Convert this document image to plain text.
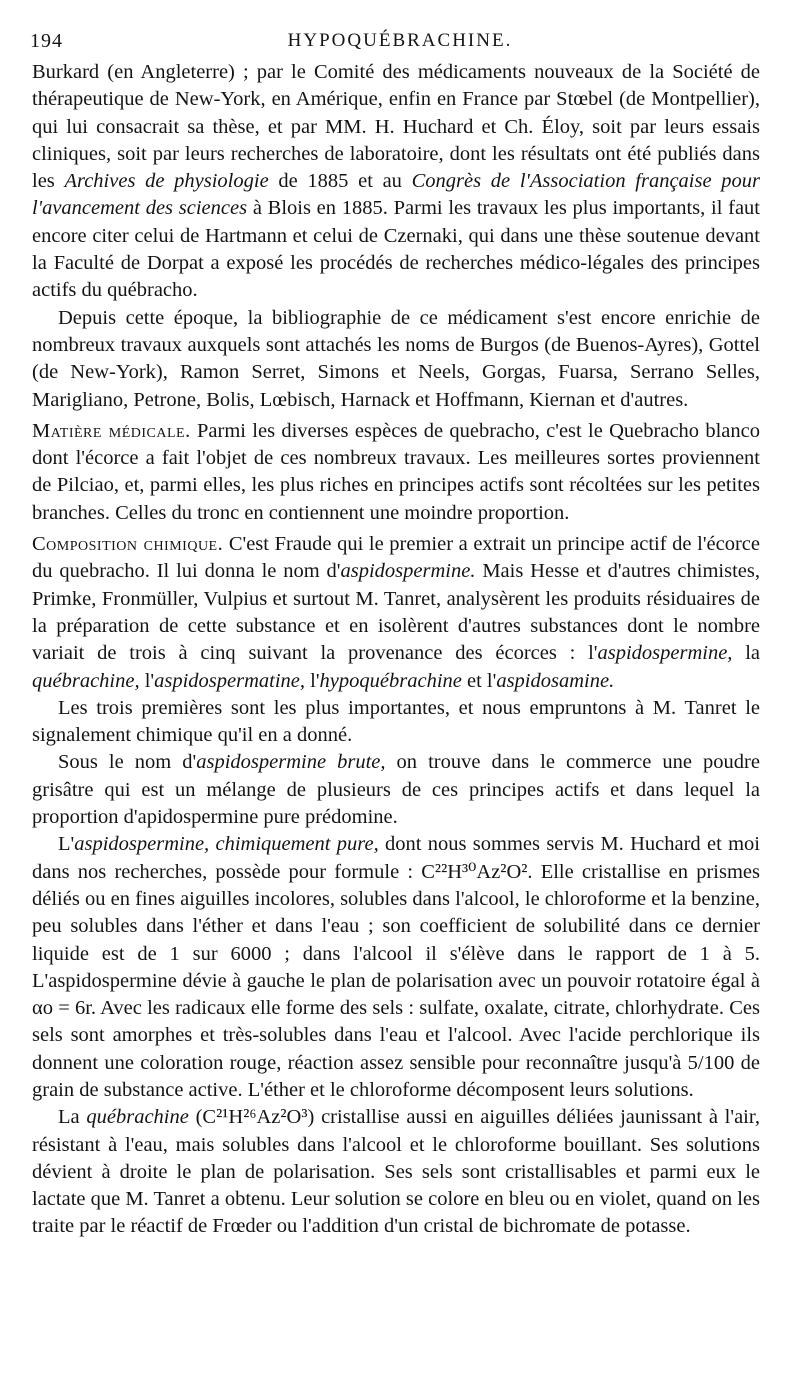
194	HYPOQUÉBRACHINE.

Burkard (en Angleterre) ; par le Comité des médicaments nouveaux de la Société de thérapeutique de New-York, en Amérique, enfin en France par Stœbel (de Montpellier), qui lui consacrait sa thèse, et par MM. H. Huchard et Ch. Éloy, soit par leurs essais cliniques, soit par leurs recherches de laboratoire, dont les résultats ont été publiés dans les Archives de physiologie de 1885 et au Congrès de l'Association française pour l'avancement des sciences à Blois en 1885. Parmi les travaux les plus importants, il faut encore citer celui de Hartmann et celui de Czernaki, qui dans une thèse soutenue devant la Faculté de Dorpat a exposé les procédés de recherches médico-légales des principes actifs du québracho.

Depuis cette époque, la bibliographie de ce médicament s'est encore enrichie de nombreux travaux auxquels sont attachés les noms de Burgos (de Buenos-Ayres), Gottel (de New-York), Ramon Serret, Simons et Neels, Gorgas, Fuarsa, Serrano Selles, Marigliano, Petrone, Bolis, Lœbisch, Harnack et Hoffmann, Kiernan et d'autres.

Matière médicale. Parmi les diverses espèces de quebracho, c'est le Quebracho blanco dont l'écorce a fait l'objet de ces nombreux travaux. Les meilleures sortes proviennent de Pilciao, et, parmi elles, les plus riches en principes actifs sont récoltées sur les petites branches. Celles du tronc en contiennent une moindre proportion.

Composition chimique. C'est Fraude qui le premier a extrait un principe actif de l'écorce du quebracho. Il lui donna le nom d'aspidospermine. Mais Hesse et d'autres chimistes, Primke, Fronmüller, Vulpius et surtout M. Tanret, analysèrent les produits résiduaires de la préparation de cette substance et en isolèrent d'autres substances dont le nombre variait de trois à cinq suivant la provenance des écorces : l'aspidospermine, la québrachine, l'aspidospermatine, l'hypoquébrachine et l'aspidosamine.

Les trois premières sont les plus importantes, et nous empruntons à M. Tanret le signalement chimique qu'il en a donné.

Sous le nom d'aspidospermine brute, on trouve dans le commerce une poudre grisâtre qui est un mélange de plusieurs de ces principes actifs et dans lequel la proportion d'apidospermine pure prédomine.

L'aspidospermine, chimiquement pure, dont nous sommes servis M. Huchard et moi dans nos recherches, possède pour formule : C²²H³⁰Az²O². Elle cristallise en prismes déliés ou en fines aiguilles incolores, solubles dans l'alcool, le chloroforme et la benzine, peu solubles dans l'éther et dans l'eau ; son coefficient de solubilité dans ce dernier liquide est de 1 sur 6000 ; dans l'alcool il s'élève dans le rapport de 1 à 5. L'aspidospermine dévie à gauche le plan de polarisation avec un pouvoir rotatoire égal à αo = 6r. Avec les radicaux elle forme des sels : sulfate, oxalate, citrate, chlorhydrate. Ces sels sont amorphes et très-solubles dans l'eau et l'alcool. Avec l'acide perchlorique ils donnent une coloration rouge, réaction assez sensible pour reconnaître jusqu'à 5/100 de grain de substance active. L'éther et le chloroforme décomposent leurs solutions.

La québrachine (C²¹H²⁶Az²O³) cristallise aussi en aiguilles déliées jaunissant à l'air, résistant à l'eau, mais solubles dans l'alcool et le chloroforme bouillant. Ses solutions dévient à droite le plan de polarisation. Ses sels sont cristallisables et parmi eux le lactate que M. Tanret a obtenu. Leur solution se colore en bleu ou en violet, quand on les traite par le réactif de Frœder ou l'addition d'un cristal de bichromate de potasse.
